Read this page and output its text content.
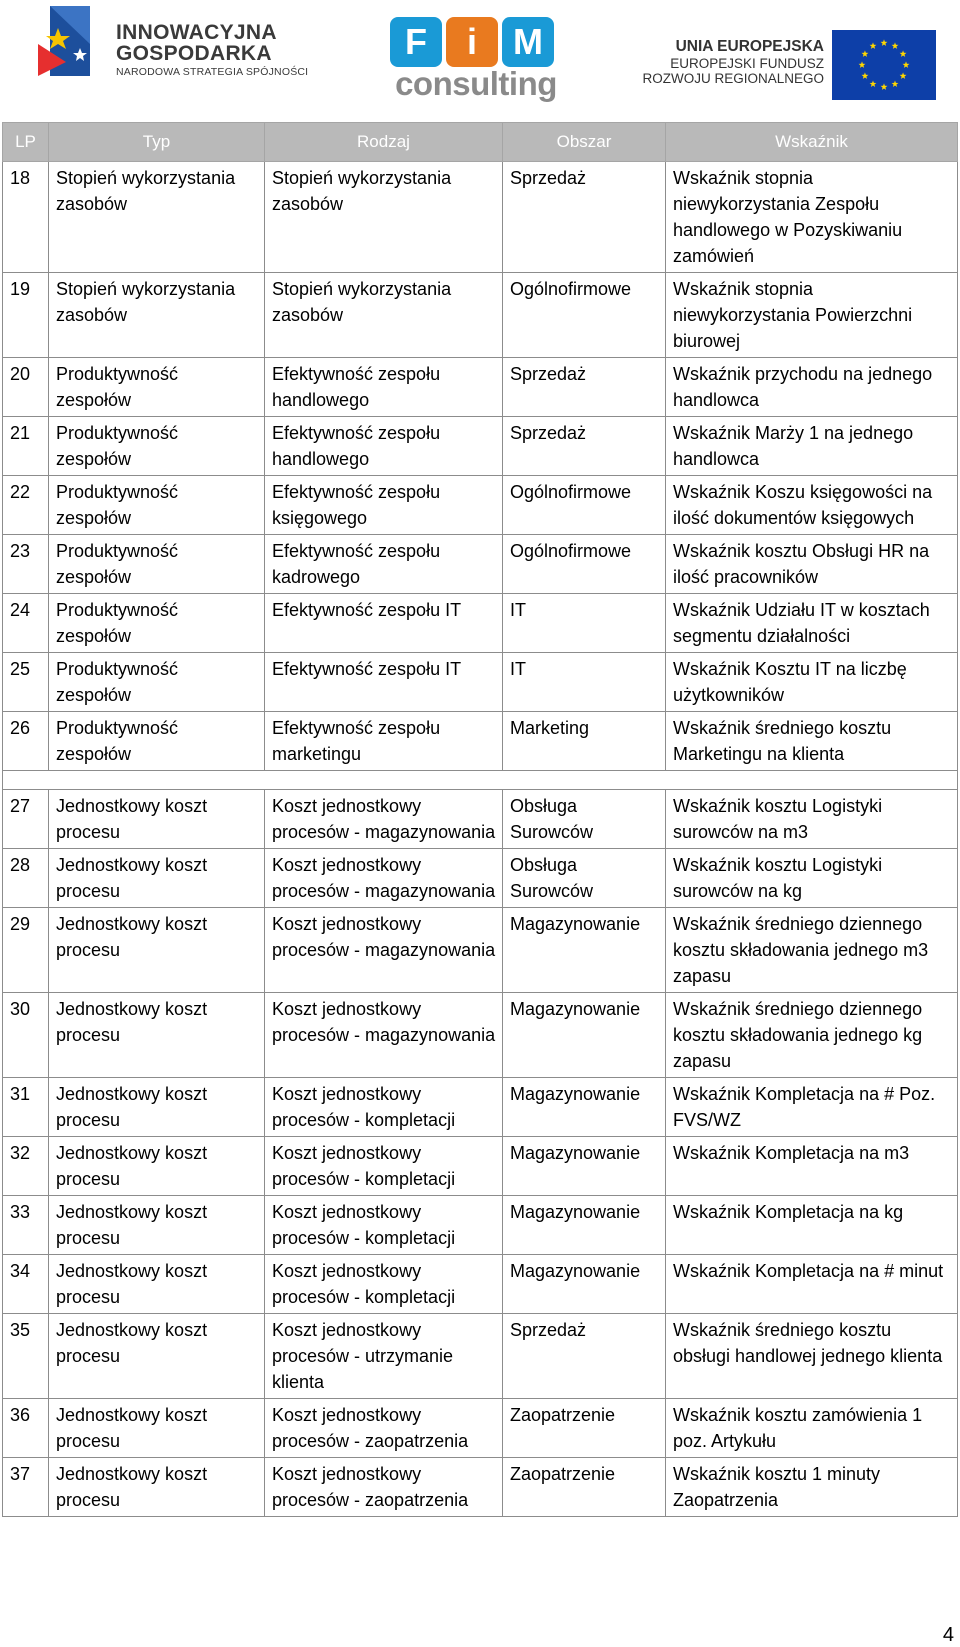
INNOWACYJNA
GOSPODARKA
NARODOWA STRATEGIA SPÓJNOŚCI
F	i	M
consulting
UNIA EUROPEJSKA
EUROPEJSKI FUNDUSZ
ROZWOJU REGIONALNEGO
LP	Typ	Rodzaj	Obszar	Wskaźnik
18	Stopień wykorzystania zasobów	Stopień wykorzystania zasobów	Sprzedaż	Wskaźnik stopnia niewykorzystania Zespołu handlowego w Pozyskiwaniu zamówień
19	Stopień wykorzystania zasobów	Stopień wykorzystania zasobów	Ogólnofirmowe	Wskaźnik stopnia niewykorzystania Powierzchni biurowej
20	Produktywność zespołów	Efektywność zespołu handlowego	Sprzedaż	Wskaźnik przychodu na jednego handlowca
21	Produktywność zespołów	Efektywność zespołu handlowego	Sprzedaż	Wskaźnik Marży 1 na jednego handlowca
22	Produktywność zespołów	Efektywność zespołu księgowego	Ogólnofirmowe	Wskaźnik Koszu księgowości na ilość dokumentów księgowych
23	Produktywność zespołów	Efektywność zespołu kadrowego	Ogólnofirmowe	Wskaźnik kosztu Obsługi HR na ilość pracowników
24	Produktywność zespołów	Efektywność zespołu IT	IT	Wskaźnik Udziału IT w kosztach segmentu działalności
25	Produktywność zespołów	Efektywność zespołu IT	IT	Wskaźnik Kosztu IT na liczbę użytkowników
26	Produktywność zespołów	Efektywność zespołu marketingu	Marketing	Wskaźnik średniego kosztu Marketingu na klienta

27	Jednostkowy koszt procesu	Koszt jednostkowy procesów - magazynowania	Obsługa Surowców	Wskaźnik kosztu Logistyki surowców na m3
28	Jednostkowy koszt procesu	Koszt jednostkowy procesów - magazynowania	Obsługa Surowców	Wskaźnik kosztu Logistyki surowców na kg
29	Jednostkowy koszt procesu	Koszt jednostkowy procesów - magazynowania	Magazynowanie	Wskaźnik średniego dziennego kosztu składowania jednego m3 zapasu
30	Jednostkowy koszt procesu	Koszt jednostkowy procesów - magazynowania	Magazynowanie	Wskaźnik średniego dziennego kosztu składowania jednego kg zapasu
31	Jednostkowy koszt procesu	Koszt jednostkowy procesów - kompletacji	Magazynowanie	Wskaźnik Kompletacja na # Poz. FVS/WZ
32	Jednostkowy koszt procesu	Koszt jednostkowy procesów - kompletacji	Magazynowanie	Wskaźnik Kompletacja na m3
33	Jednostkowy koszt procesu	Koszt jednostkowy procesów - kompletacji	Magazynowanie	Wskaźnik Kompletacja na kg
34	Jednostkowy koszt procesu	Koszt jednostkowy procesów - kompletacji	Magazynowanie	Wskaźnik Kompletacja na # minut
35	Jednostkowy koszt procesu	Koszt jednostkowy procesów - utrzymanie klienta	Sprzedaż	Wskaźnik średniego kosztu obsługi handlowej jednego klienta
36	Jednostkowy koszt procesu	Koszt jednostkowy procesów - zaopatrzenia	Zaopatrzenie	Wskaźnik kosztu zamówienia 1 poz. Artykułu
37	Jednostkowy koszt procesu	Koszt jednostkowy procesów - zaopatrzenia	Zaopatrzenie	Wskaźnik kosztu 1 minuty Zaopatrzenia
4
